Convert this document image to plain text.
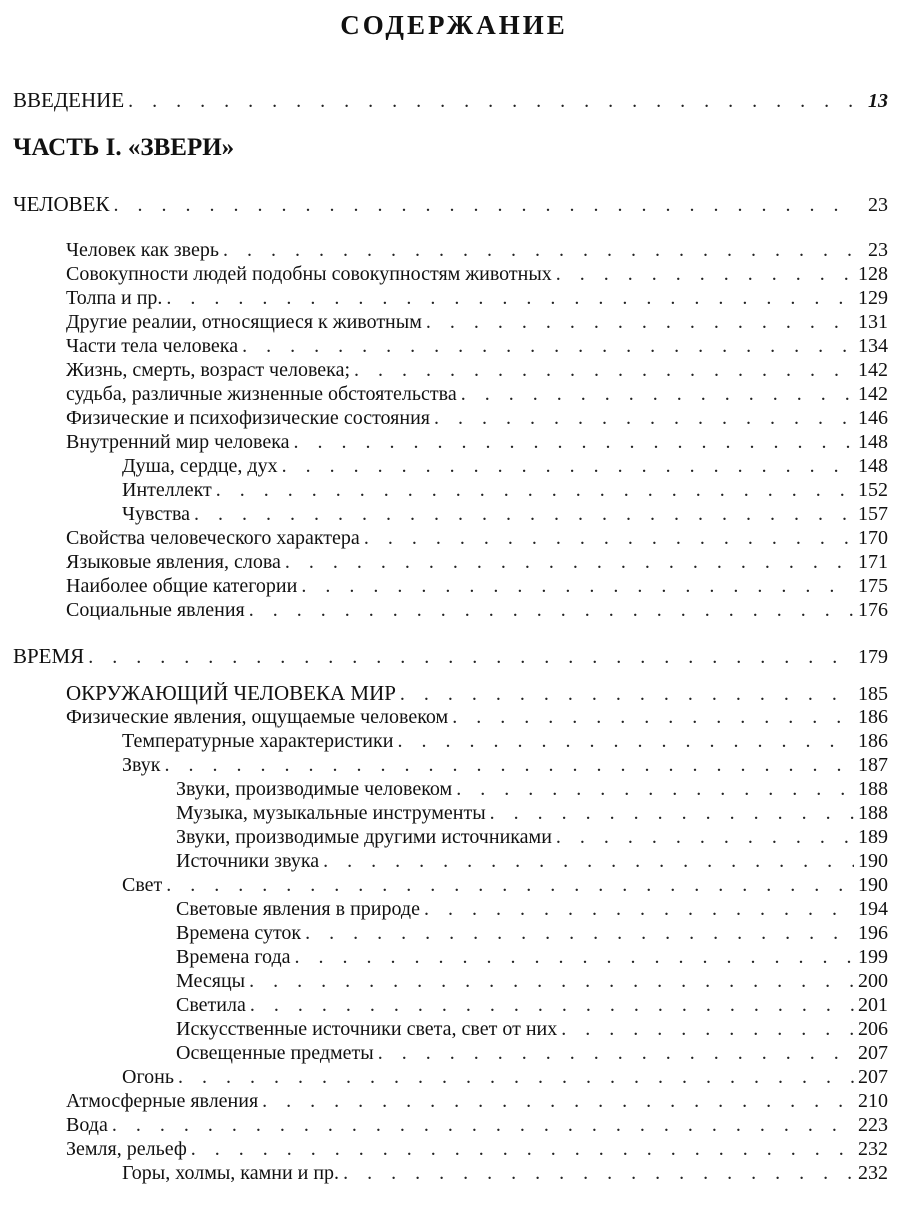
СОДЕРЖАНИЕ
ЧАСТЬ I. «ЗВЕРИ»
ВВЕДЕНИЕ . . .	13
ЧЕЛОВЕК . . .	23
Человек как зверь . . .	23
Совокупности людей подобны совокупностям животных . . .	128
Толпа и пр. . . .	129
Другие реалии, относящиеся к животным . . .	131
Части тела человека . . .	134
Жизнь, смерть, возраст человека; . . .	142
судьба, различные жизненные обстоятельства . . .	142
Физические и психофизические состояния . . .	146
Внутренний мир человека . . .	148
Душа, сердце, дух . . .	148
Интеллект . . .	152
Чувства . . .	157
Свойства человеческого характера . . .	170
Языковые явления, слова . . .	171
Наиболее общие категории . . .	175
Социальные явления . . .	176
ВРЕМЯ . . .	179
ОКРУЖАЮЩИЙ ЧЕЛОВЕКА МИР . . .	185
Физические явления, ощущаемые человеком . . .	186
Температурные характеристики . . .	186
Звук . . .	187
Звуки, производимые человеком . . .	188
Музыка, музыкальные инструменты . . .	188
Звуки, производимые другими источниками . . .	189
Источники звука . . .	190
Свет . . .	190
Световые явления в природе . . .	194
Времена суток . . .	196
Времена года . . .	199
Месяцы . . .	200
Светила . . .	201
Искусственные источники света, свет от них . . .	206
Освещенные предметы . . .	207
Огонь . . .	207
Атмосферные явления . . .	210
Вода . . .	223
Земля, рельеф . . .	232
Горы, холмы, камни и пр. . . .	232
